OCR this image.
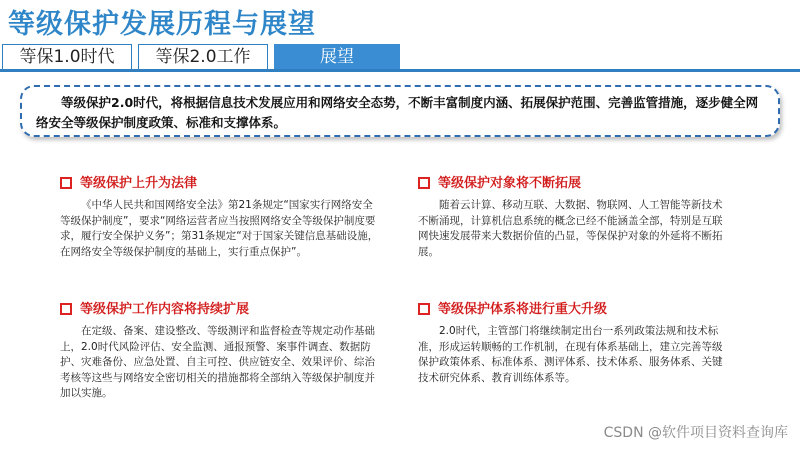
等级保护发展历程与展望
等保1.0时代	等保2.0工作	展望
等级保护2.0时代，将根据信息技术发展应用和网络安全态势，不断丰富制度内涵、拓展保护范围、完善监管措施，逐步健全网络安全等级保护制度政策、标准和支撑体系。
等级保护上升为法律
《中华人民共和国网络安全法》第21条规定“国家实行网络安全等级保护制度”，要求“网络运营者应当按照网络安全等级保护制度要求，履行安全保护义务”；第31条规定“对于国家关键信息基础设施，在网络安全等级保护制度的基础上，实行重点保护”。
等级保护对象将不断拓展
随着云计算、移动互联、大数据、物联网、人工智能等新技术不断涌现，计算机信息系统的概念已经不能涵盖全部，特别是互联网快速发展带来大数据价值的凸显，等保保护对象的外延将不断拓展。
等级保护工作内容将持续扩展
在定级、备案、建设整改、等级测评和监督检查等规定动作基础上，2.0时代风险评估、安全监测、通报预警、案事件调查、数据防护、灾难备份、应急处置、自主可控、供应链安全、效果评价、综治考核等这些与网络安全密切相关的措施都将全部纳入等级保护制度并加以实施。
等级保护体系将进行重大升级
2.0时代，主管部门将继续制定出台一系列政策法规和技术标准，形成运转顺畅的工作机制，在现有体系基础上，建立完善等级保护政策体系、标准体系、测评体系、技术体系、服务体系、关键技术研究体系、教育训练体系等。
CSDN @软件项目资料查询库
